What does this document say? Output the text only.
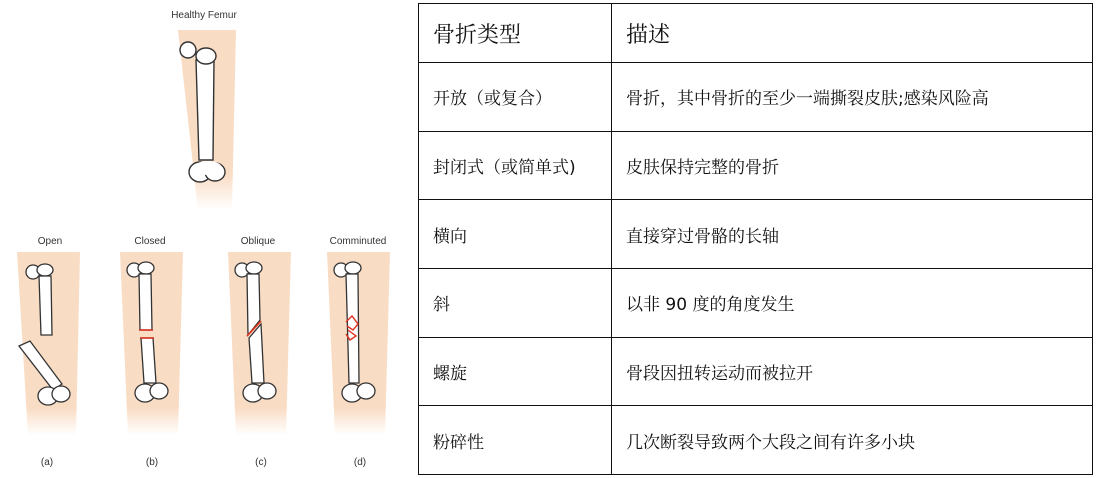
Healthy Femur
Open
(a)
Closed
(b)
Oblique
(c)
Comminuted
(d)
骨折类型	描述
开放（或复合）	骨折，其中骨折的至少一端撕裂皮肤;感染风险高
封闭式（或简单式)	皮肤保持完整的骨折
横向	直接穿过骨骼的长轴
斜	以非 90 度的角度发生
螺旋	骨段因扭转运动而被拉开
粉碎性	几次断裂导致两个大段之间有许多小块
